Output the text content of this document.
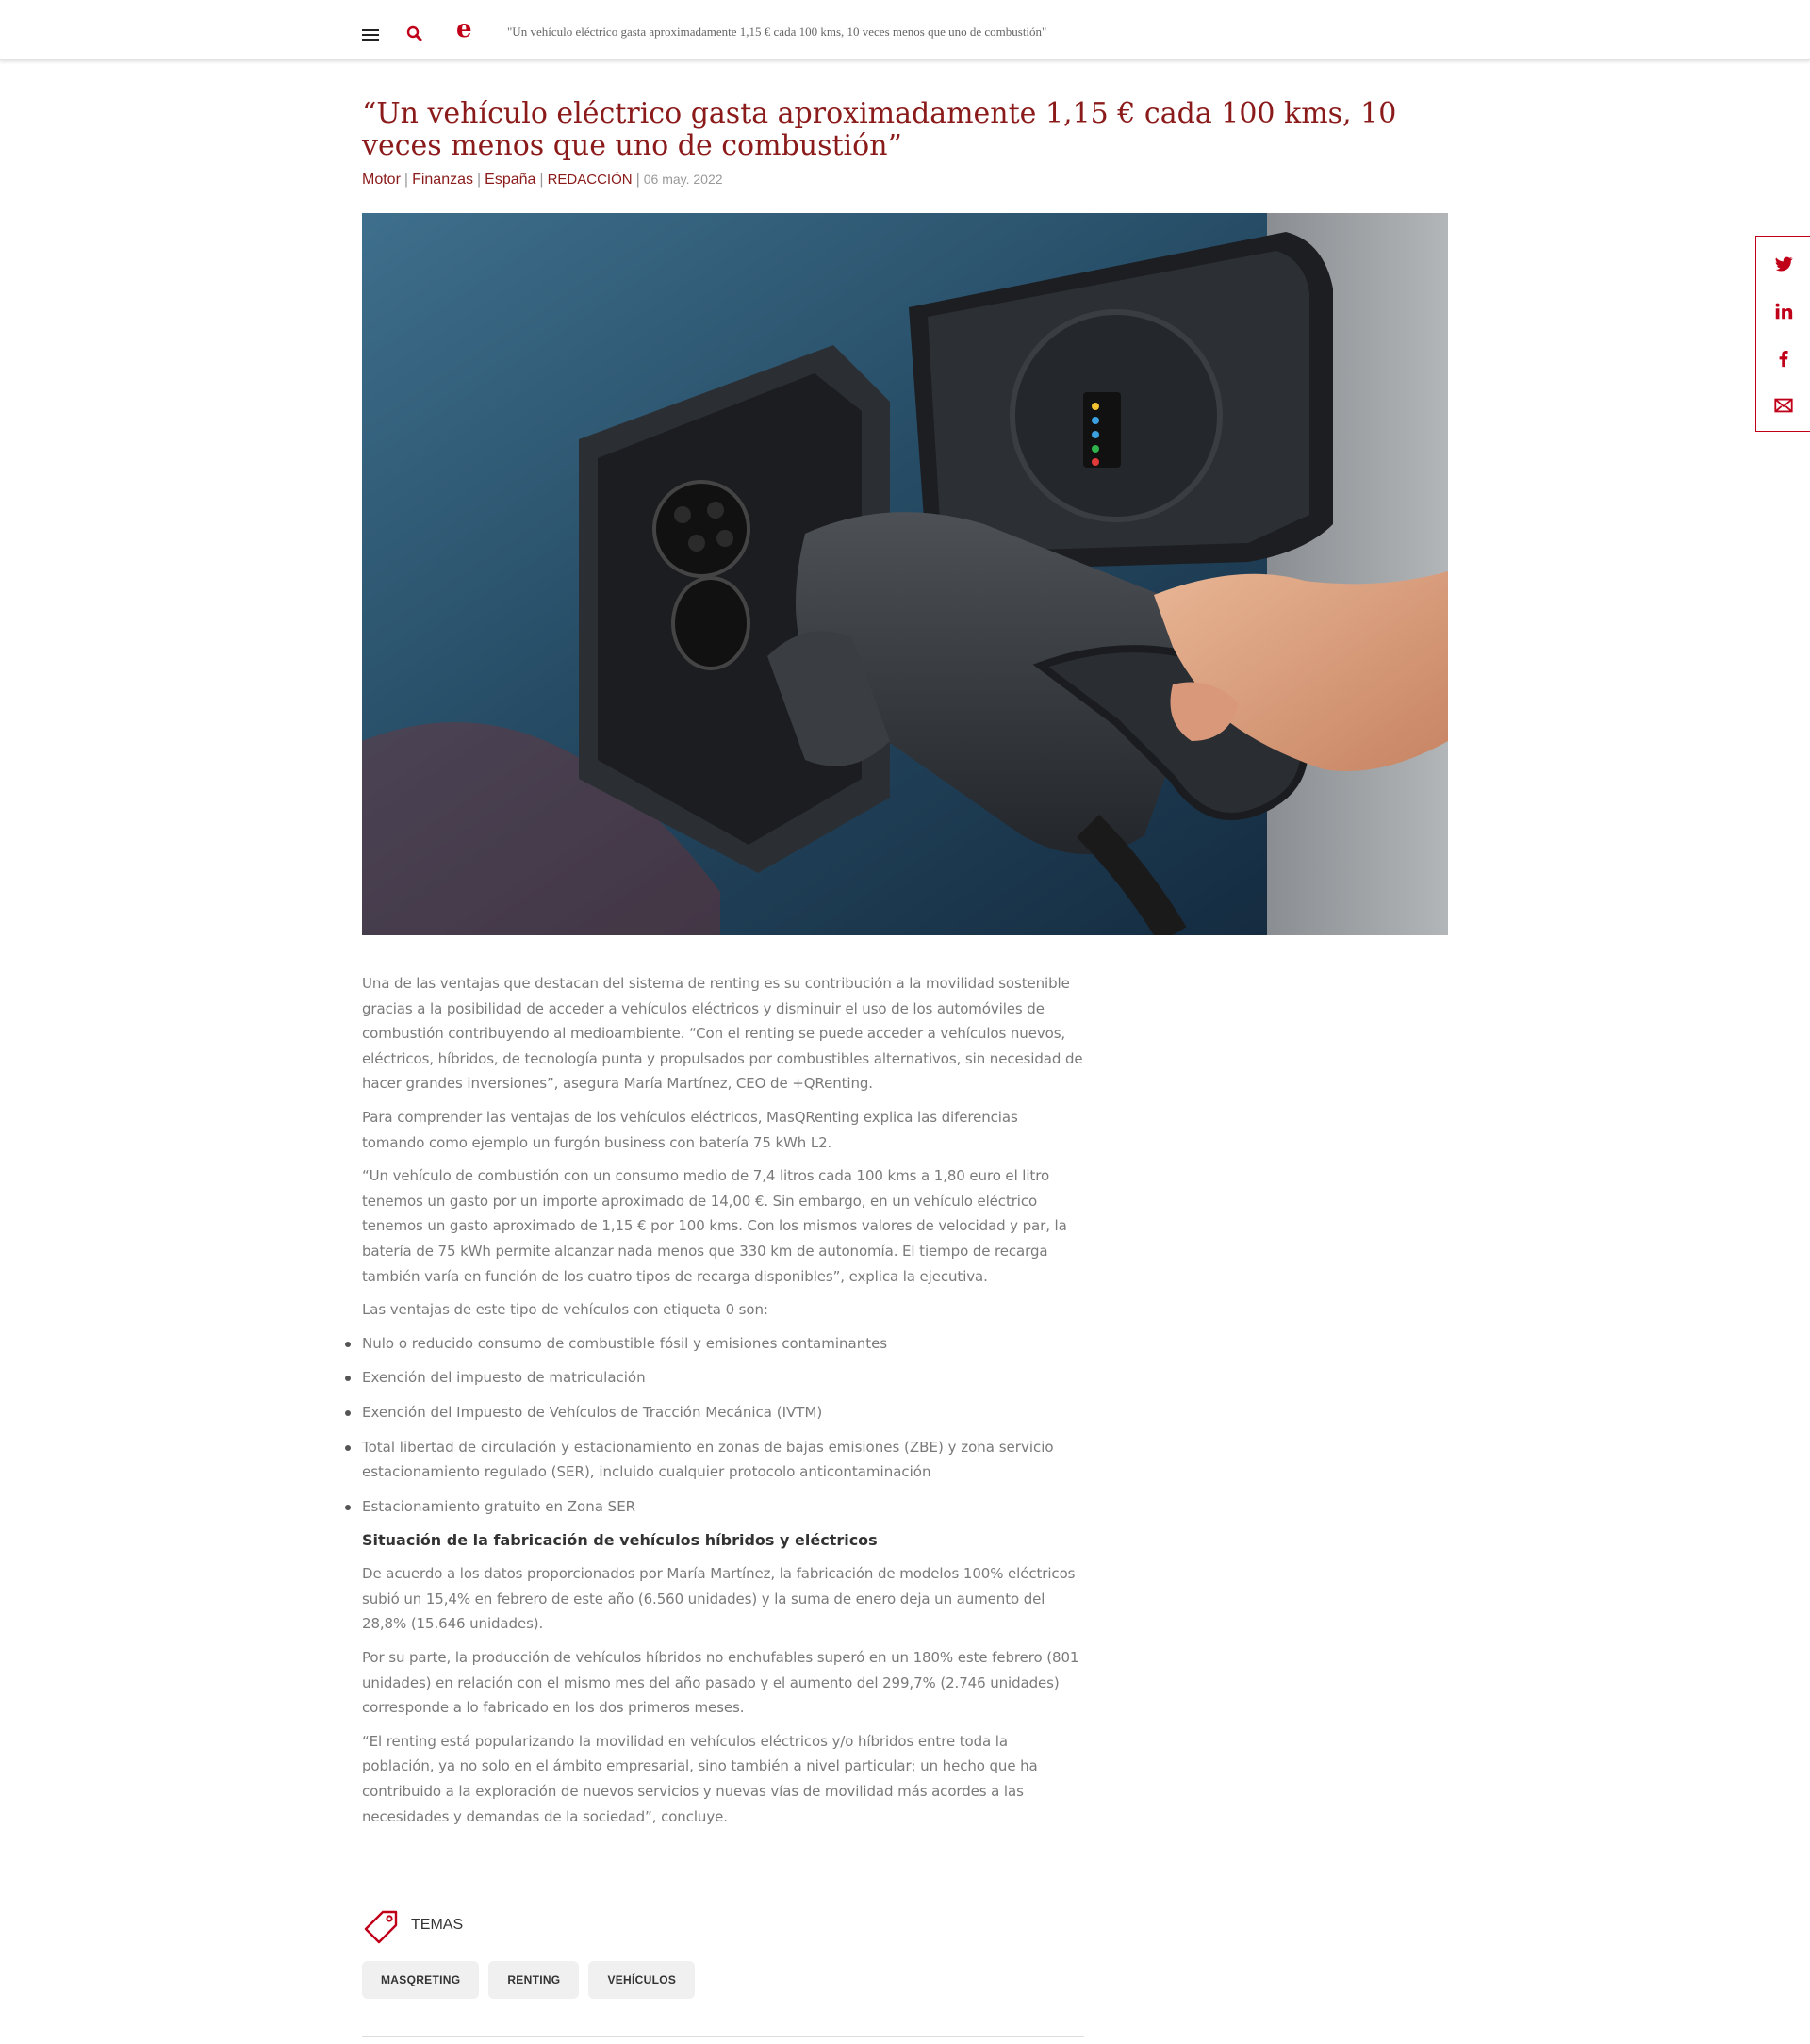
e	"Un vehículo eléctrico gasta aproximadamente 1,15 € cada 100 kms, 10 veces menos que uno de combustión"
“Un vehículo eléctrico gasta aproximadamente 1,15 € cada 100 kms, 10 veces menos que uno de combustión”
Motor | Finanzas | España | REDACCIÓN | 06 may. 2022

Una de las ventajas que destacan del sistema de renting es su contribución a la movilidad sostenible gracias a la posibilidad de acceder a vehículos eléctricos y disminuir el uso de los automóviles de combustión contribuyendo al medioambiente. “Con el renting se puede acceder a vehículos nuevos, eléctricos, híbridos, de tecnología punta y propulsados por combustibles alternativos, sin necesidad de hacer grandes inversiones”, asegura María Martínez, CEO de +QRenting.

Para comprender las ventajas de los vehículos eléctricos, MasQRenting explica las diferencias tomando como ejemplo un furgón business con batería 75 kWh L2.

“Un vehículo de combustión con un consumo medio de 7,4 litros cada 100 kms a 1,80 euro el litro tenemos un gasto por un importe aproximado de 14,00 €. Sin embargo, en un vehículo eléctrico tenemos un gasto aproximado de 1,15 € por 100 kms. Con los mismos valores de velocidad y par, la batería de 75 kWh permite alcanzar nada menos que 330 km de autonomía. El tiempo de recarga también varía en función de los cuatro tipos de recarga disponibles”, explica la ejecutiva.

Las ventajas de este tipo de vehículos con etiqueta 0 son:

Nulo o reducido consumo de combustible fósil y emisiones contaminantes
Exención del impuesto de matriculación
Exención del Impuesto de Vehículos de Tracción Mecánica (IVTM)
Total libertad de circulación y estacionamiento en zonas de bajas emisiones (ZBE) y zona servicio estacionamiento regulado (SER), incluido cualquier protocolo anticontaminación
Estacionamiento gratuito en Zona SER
Situación de la fabricación de vehículos híbridos y eléctricos

De acuerdo a los datos proporcionados por María Martínez, la fabricación de modelos 100% eléctricos subió un 15,4% en febrero de este año (6.560 unidades) y la suma de enero deja un aumento del 28,8% (15.646 unidades).

Por su parte, la producción de vehículos híbridos no enchufables superó en un 180% este febrero (801 unidades) en relación con el mismo mes del año pasado y el aumento del 299,7% (2.746 unidades) corresponde a lo fabricado en los dos primeros meses.

“El renting está popularizando la movilidad en vehículos eléctricos y/o híbridos entre toda la población, ya no solo en el ámbito empresarial, sino también a nivel particular; un hecho que ha contribuido a la exploración de nuevos servicios y nuevas vías de movilidad más acordes a las necesidades y demandas de la sociedad”, concluye.

TEMAS
MASQRETING	RENTING	VEHÍCULOS
